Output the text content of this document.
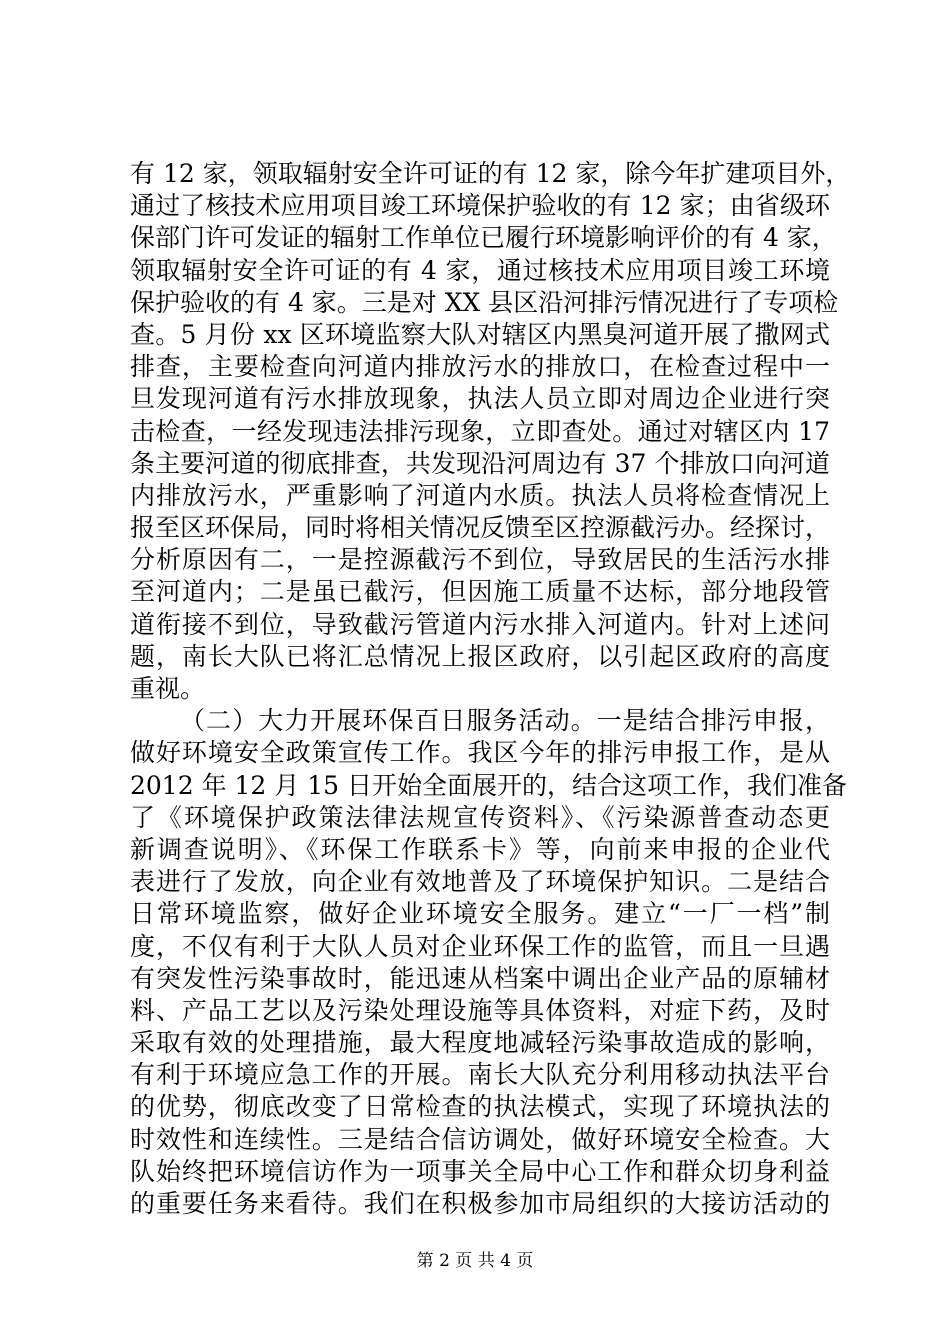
有 12 家，领取辐射安全许可证的有 12 家，除今年扩建项目外，
通过了核技术应用项目竣工环境保护验收的有 12 家；由省级环
保部门许可发证的辐射工作单位已履行环境影响评价的有 4 家，
领取辐射安全许可证的有 4 家，通过核技术应用项目竣工环境
保护验收的有 4 家。三是对 XX 县区沿河排污情况进行了专项检
查。5 月份 xx 区环境监察大队对辖区内黑臭河道开展了撒网式
排查，主要检查向河道内排放污水的排放口，在检查过程中一
旦发现河道有污水排放现象，执法人员立即对周边企业进行突
击检查，一经发现违法排污现象，立即查处。通过对辖区内 17
条主要河道的彻底排查，共发现沿河周边有 37 个排放口向河道
内排放污水，严重影响了河道内水质。执法人员将检查情况上
报至区环保局，同时将相关情况反馈至区控源截污办。经探讨，
分析原因有二，一是控源截污不到位，导致居民的生活污水排
至河道内；二是虽已截污，但因施工质量不达标，部分地段管
道衔接不到位，导致截污管道内污水排入河道内。针对上述问
题，南长大队已将汇总情况上报区政府，以引起区政府的高度
重视。
（二）大力开展环保百日服务活动。一是结合排污申报，
做好环境安全政策宣传工作。我区今年的排污申报工作，是从
2012 年 12 月 15 日开始全面展开的，结合这项工作，我们准备
了《环境保护政策法律法规宣传资料》、《污染源普查动态更
新调查说明》、《环保工作联系卡》等，向前来申报的企业代
表进行了发放，向企业有效地普及了环境保护知识。二是结合
日常环境监察，做好企业环境安全服务。建立“一厂一档”制
度，不仅有利于大队人员对企业环保工作的监管，而且一旦遇
有突发性污染事故时，能迅速从档案中调出企业产品的原辅材
料、产品工艺以及污染处理设施等具体资料，对症下药，及时
采取有效的处理措施，最大程度地减轻污染事故造成的影响，
有利于环境应急工作的开展。南长大队充分利用移动执法平台
的优势，彻底改变了日常检查的执法模式，实现了环境执法的
时效性和连续性。三是结合信访调处，做好环境安全检查。大
队始终把环境信访作为一项事关全局中心工作和群众切身利益
的重要任务来看待。我们在积极参加市局组织的大接访活动的
第 2 页 共 4 页
